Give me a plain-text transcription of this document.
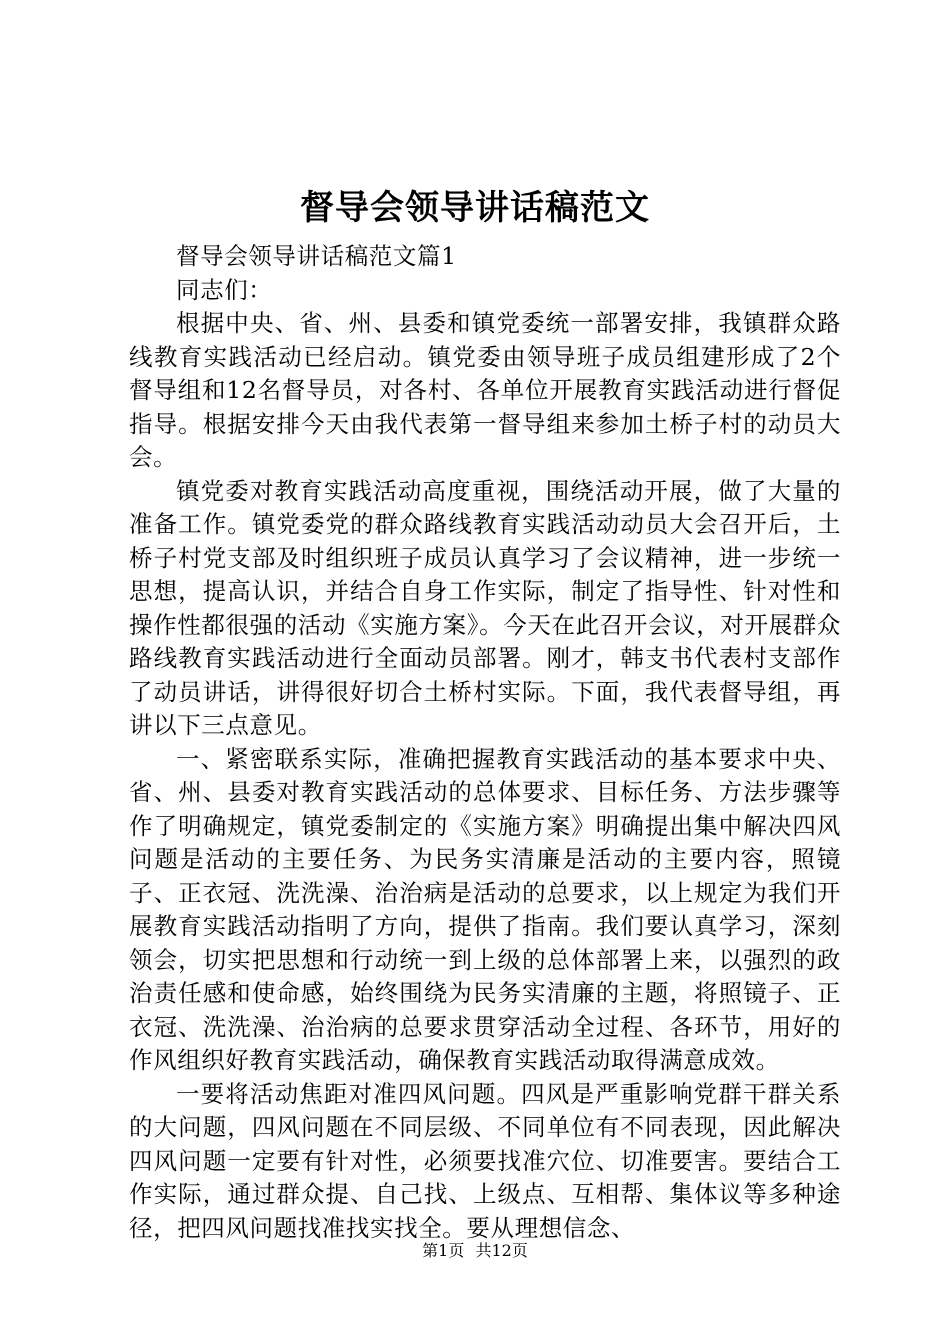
督导会领导讲话稿范文

督导会领导讲话稿范文篇1

同志们：

根据中央、省、州、县委和镇党委统一部署安排，我镇群众路线教育实践活动已经启动。镇党委由领导班子成员组建形成了2个督导组和12名督导员，对各村、各单位开展教育实践活动进行督促指导。根据安排今天由我代表第一督导组来参加土桥子村的动员大会。

镇党委对教育实践活动高度重视，围绕活动开展，做了大量的准备工作。镇党委党的群众路线教育实践活动动员大会召开后，土桥子村党支部及时组织班子成员认真学习了会议精神，进一步统一思想，提高认识，并结合自身工作实际，制定了指导性、针对性和操作性都很强的活动《实施方案》。今天在此召开会议，对开展群众路线教育实践活动进行全面动员部署。刚才，韩支书代表村支部作了动员讲话，讲得很好切合土桥村实际。下面，我代表督导组，再讲以下三点意见。

一、紧密联系实际，准确把握教育实践活动的基本要求中央、省、州、县委对教育实践活动的总体要求、目标任务、方法步骤等作了明确规定，镇党委制定的《实施方案》明确提出集中解决四风问题是活动的主要任务、为民务实清廉是活动的主要内容，照镜子、正衣冠、洗洗澡、治治病是活动的总要求，以上规定为我们开展教育实践活动指明了方向，提供了指南。我们要认真学习，深刻领会，切实把思想和行动统一到上级的总体部署上来，以强烈的政治责任感和使命感，始终围绕为民务实清廉的主题，将照镜子、正衣冠、洗洗澡、治治病的总要求贯穿活动全过程、各环节，用好的作风组织好教育实践活动，确保教育实践活动取得满意成效。

一要将活动焦距对准四风问题。四风是严重影响党群干群关系的大问题，四风问题在不同层级、不同单位有不同表现，因此解决四风问题一定要有针对性，必须要找准穴位、切准要害。要结合工作实际，通过群众提、自己找、上级点、互相帮、集体议等多种途径，把四风问题找准找实找全。要从理想信念、

第1页 共12页
